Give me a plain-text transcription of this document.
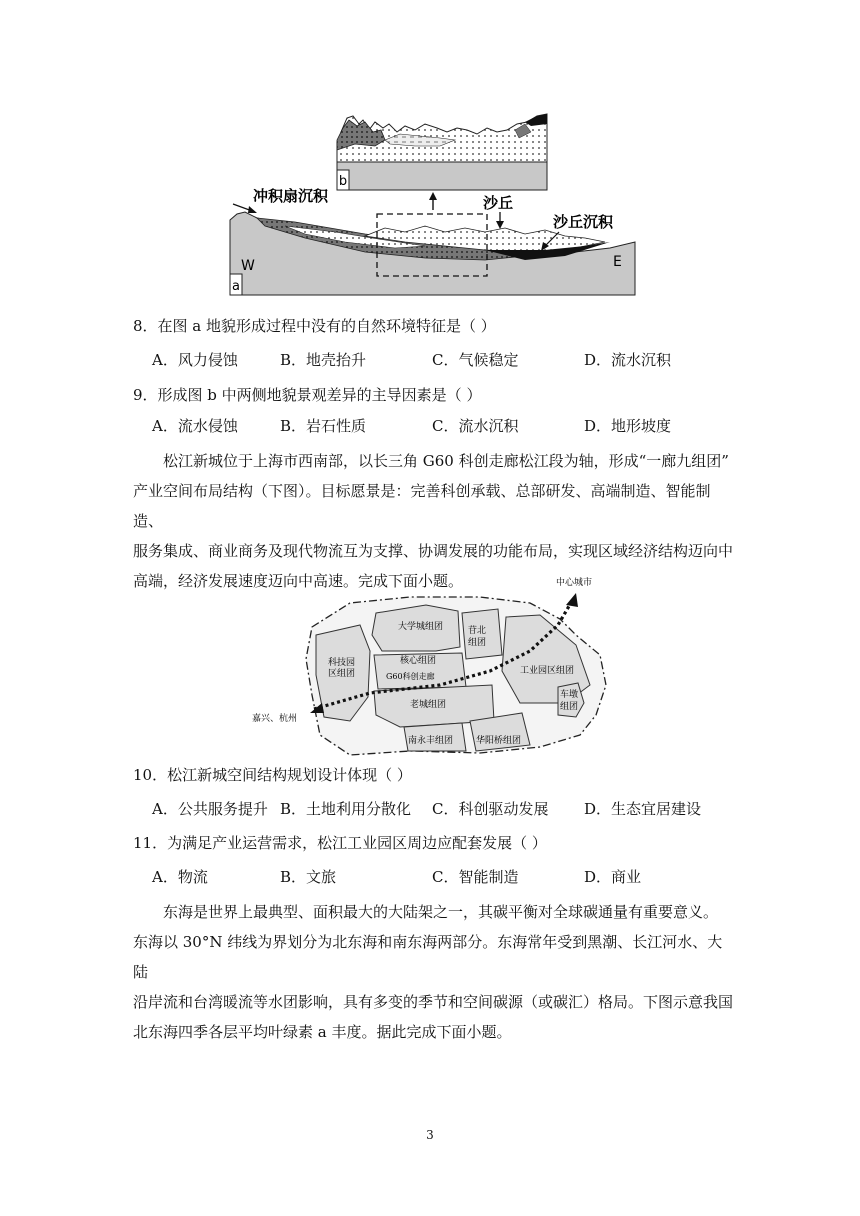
b
a
W	E
冲积扇沉积	沙丘
沙丘沉积
8．在图 a 地貌形成过程中没有的自然环境特征是（ ）
A．风力侵蚀	B．地壳抬升	C．气候稳定	D．流水沉积
9．形成图 b 中两侧地貌景观差异的主导因素是（ ）
A．流水侵蚀	B．岩石性质	C．流水沉积	D．地形坡度

　　松江新城位于上海市西南部，以长三角 G60 科创走廊松江段为轴，形成“一廊九组团”

产业空间布局结构（下图）。目标愿景是：完善科创承载、总部研发、高端制造、智能制造、

服务集成、商业商务及现代物流互为支撑、协调发展的功能布局，实现区域经济结构迈向中

高端，经济发展速度迈向中高速。完成下面小题。	中心城市
嘉兴、杭州
大学城组团	苷北
组团
科技园
区组团
核心组团
G60科创走廊
老城组团
工业园区组团
车墩
组团
南永丰组团	华阳桥组团
10．松江新城空间结构规划设计体现（ ）
A．公共服务提升 B．土地利用分散化 C．科创驱动发展 D．生态宜居建设
11．为满足产业运营需求，松江工业园区周边应配套发展（ ）
A．物流	B．文旅	C．智能制造	D．商业

　　东海是世界上最典型、面积最大的大陆架之一，其碳平衡对全球碳通量有重要意义。

东海以 30°N 纬线为界划分为北东海和南东海两部分。东海常年受到黑潮、长江河水、大陆

沿岸流和台湾暖流等水团影响，具有多变的季节和空间碳源（或碳汇）格局。下图示意我国

北东海四季各层平均叶绿素 a 丰度。据此完成下面小题。

3
